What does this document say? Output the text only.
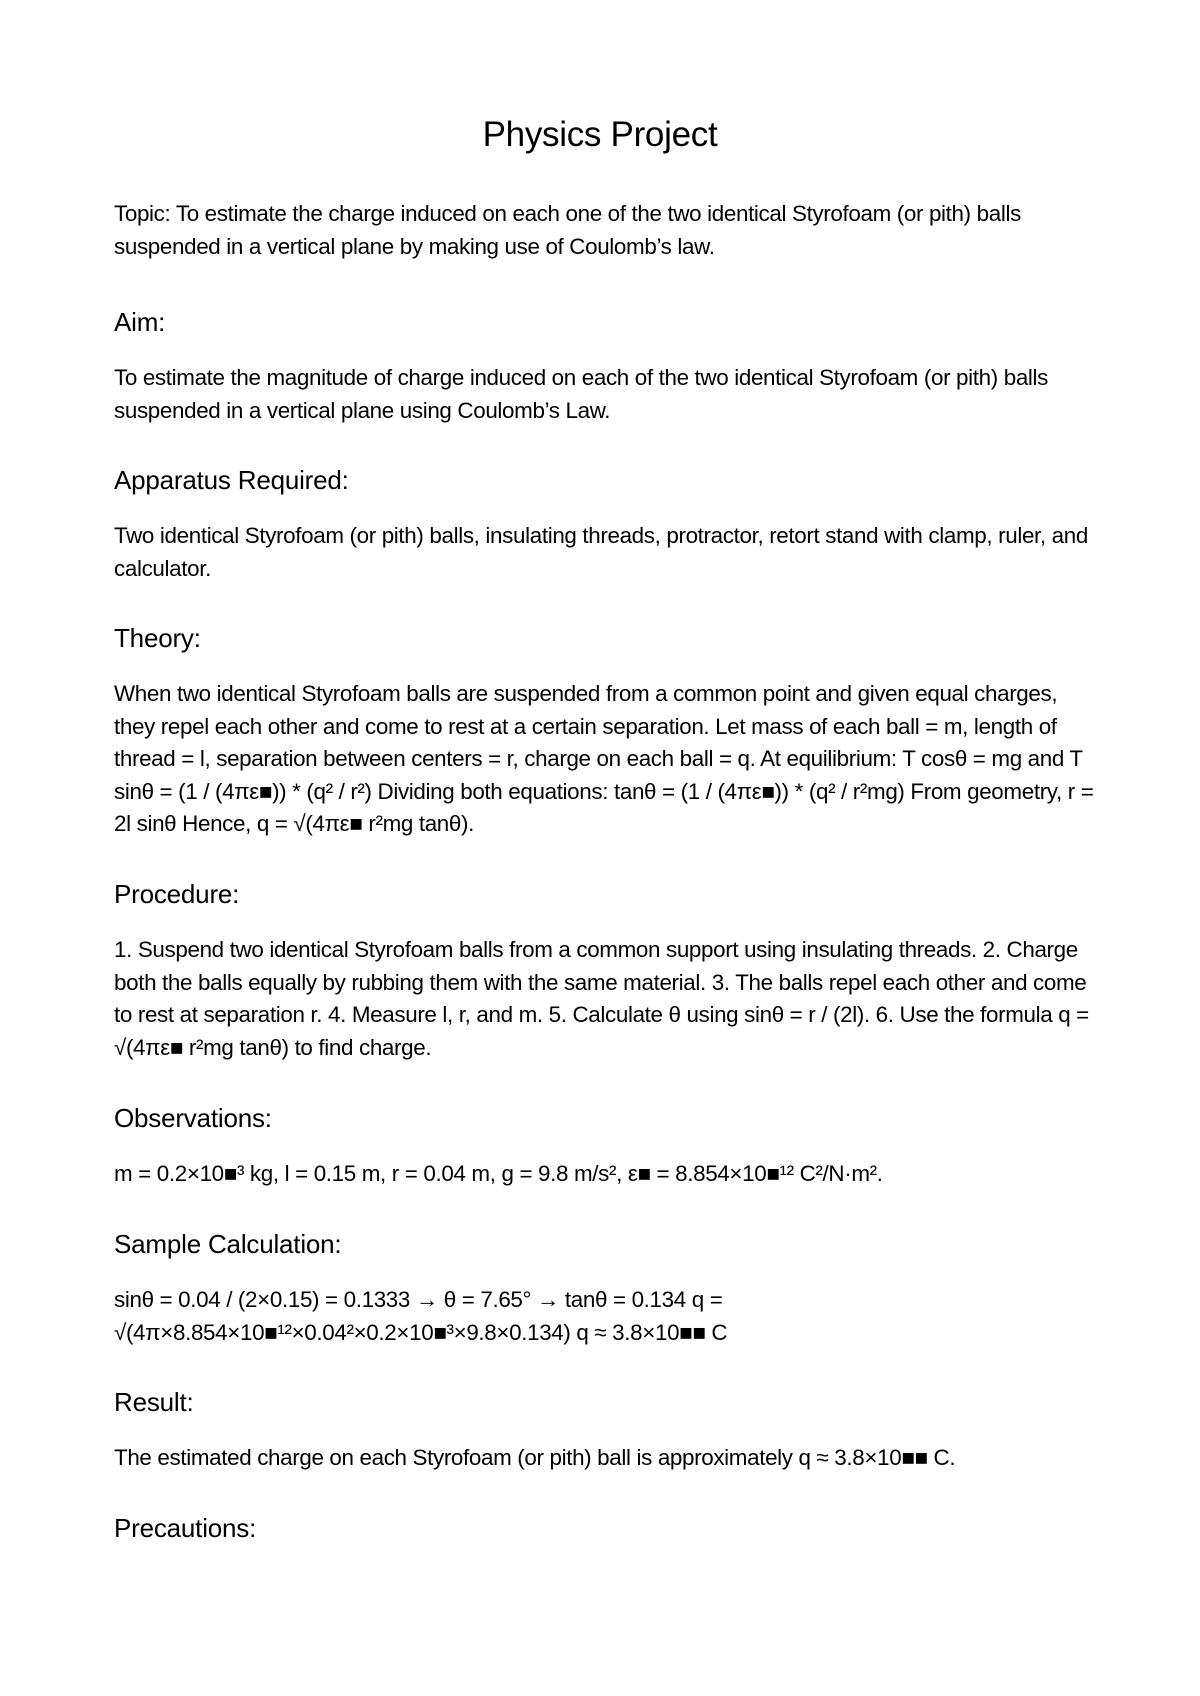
Physics Project

Topic: To estimate the charge induced on each one of the two identical Styrofoam (or pith) balls suspended in a vertical plane by making use of Coulomb’s law.

Aim:

To estimate the magnitude of charge induced on each of the two identical Styrofoam (or pith) balls suspended in a vertical plane using Coulomb’s Law.

Apparatus Required:

Two identical Styrofoam (or pith) balls, insulating threads, protractor, retort stand with clamp, ruler, and calculator.

Theory:

When two identical Styrofoam balls are suspended from a common point and given equal charges, they repel each other and come to rest at a certain separation. Let mass of each ball = m, length of thread = l, separation between centers = r, charge on each ball = q. At equilibrium: T cosθ = mg and T sinθ = (1 / (4πε■)) * (q² / r²) Dividing both equations: tanθ = (1 / (4πε■)) * (q² / r²mg) From geometry, r = 2l sinθ Hence, q = √(4πε■ r²mg tanθ).

Procedure:

1. Suspend two identical Styrofoam balls from a common support using insulating threads. 2. Charge both the balls equally by rubbing them with the same material. 3. The balls repel each other and come to rest at separation r. 4. Measure l, r, and m. 5. Calculate θ using sinθ = r / (2l). 6. Use the formula q = √(4πε■ r²mg tanθ) to find charge.

Observations:

m = 0.2×10■³ kg, l = 0.15 m, r = 0.04 m, g = 9.8 m/s², ε■ = 8.854×10■¹² C²/N·m².

Sample Calculation:

sinθ = 0.04 / (2×0.15) = 0.1333 → θ = 7.65° → tanθ = 0.134 q = √(4π×8.854×10■¹²×0.04²×0.2×10■³×9.8×0.134) q ≈ 3.8×10■■ C

Result:

The estimated charge on each Styrofoam (or pith) ball is approximately q ≈ 3.8×10■■ C.

Precautions:
